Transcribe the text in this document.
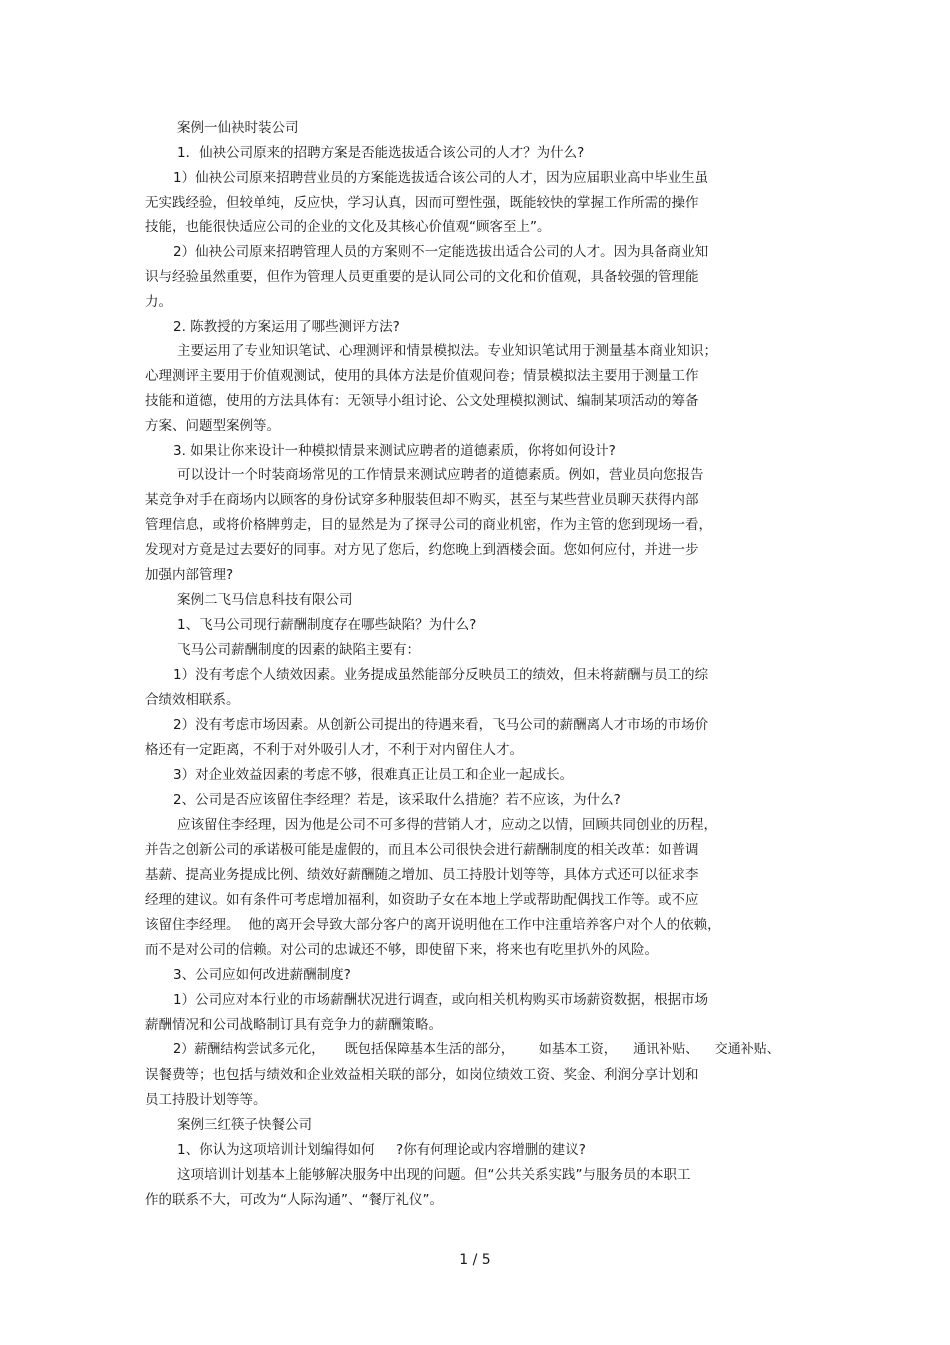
案例一仙袂时装公司
1．仙袂公司原来的招聘方案是否能选拔适合该公司的人才？为什么?
1）仙袂公司原来招聘营业员的方案能选拔适合该公司的人才，因为应届职业高中毕业生虽
无实践经验，但较单纯，反应快，学习认真，因而可塑性强，既能较快的掌握工作所需的操作
技能，也能很快适应公司的企业的文化及其核心价值观“顾客至上”。
2）仙袂公司原来招聘管理人员的方案则不一定能选拔出适合公司的人才。因为具备商业知
识与经验虽然重要，但作为管理人员更重要的是认同公司的文化和价值观，具备较强的管理能
力。
2. 陈教授的方案运用了哪些测评方法?
主要运用了专业知识笔试、心理测评和情景模拟法。专业知识笔试用于测量基本商业知识；
心理测评主要用于价值观测试，使用的具体方法是价值观问卷；情景模拟法主要用于测量工作
技能和道德，使用的方法具体有：无领导小组讨论、公文处理模拟测试、编制某项活动的筹备
方案、问题型案例等。
3. 如果让你来设计一种模拟情景来测试应聘者的道德素质，你将如何设计?
可以设计一个时装商场常见的工作情景来测试应聘者的道德素质。例如，营业员向您报告
某竞争对手在商场内以顾客的身份试穿多种服装但却不购买，甚至与某些营业员聊天获得内部
管理信息，或将价格牌剪走，目的显然是为了探寻公司的商业机密，作为主管的您到现场一看，
发现对方竟是过去要好的同事。对方见了您后，约您晚上到酒楼会面。您如何应付，并进一步
加强内部管理?
案例二飞马信息科技有限公司
1、飞马公司现行薪酬制度存在哪些缺陷？为什么?
飞马公司薪酬制度的因素的缺陷主要有：
1）没有考虑个人绩效因素。业务提成虽然能部分反映员工的绩效，但未将薪酬与员工的综
合绩效相联系。
2）没有考虑市场因素。从创新公司提出的待遇来看，飞马公司的薪酬离人才市场的市场价
格还有一定距离，不利于对外吸引人才，不利于对内留住人才。
3）对企业效益因素的考虑不够，很难真正让员工和企业一起成长。
2、公司是否应该留住李经理？若是，该采取什么措施？若不应该，为什么?
应该留住李经理，因为他是公司不可多得的营销人才，应动之以情，回顾共同创业的历程，
并告之创新公司的承诺极可能是虚假的，而且本公司很快会进行薪酬制度的相关改革：如普调
基薪、提高业务提成比例、绩效好薪酬随之增加、员工持股计划等等，具体方式还可以征求李
经理的建议。如有条件可考虑增加福利，如资助子女在本地上学或帮助配偶找工作等。或不应
该留住李经理。  他的离开会导致大部分客户的离开说明他在工作中注重培养客户对个人的依赖，
而不是对公司的信赖。对公司的忠诚还不够，即使留下来，将来也有吃里扒外的风险。
3、公司应如何改进薪酬制度?
1）公司应对本行业的市场薪酬状况进行调查，或向相关机构购买市场薪资数据，根据市场
薪酬情况和公司战略制订具有竞争力的薪酬策略。
2）薪酬结构尝试多元化，     既包括保障基本生活的部分，      如基本工资，    通讯补贴、    交通补贴、
误餐费等；也包括与绩效和企业效益相关联的部分，如岗位绩效工资、奖金、利润分享计划和
员工持股计划等等。
案例三红筷子快餐公司
1、你认为这项培训计划编得如何     ?你有何理论或内容增删的建议?
这项培训计划基本上能够解决服务中出现的问题。但“公共关系实践”与服务员的本职工
作的联系不大，可改为“人际沟通”、“餐厅礼仪”。
1 / 5
